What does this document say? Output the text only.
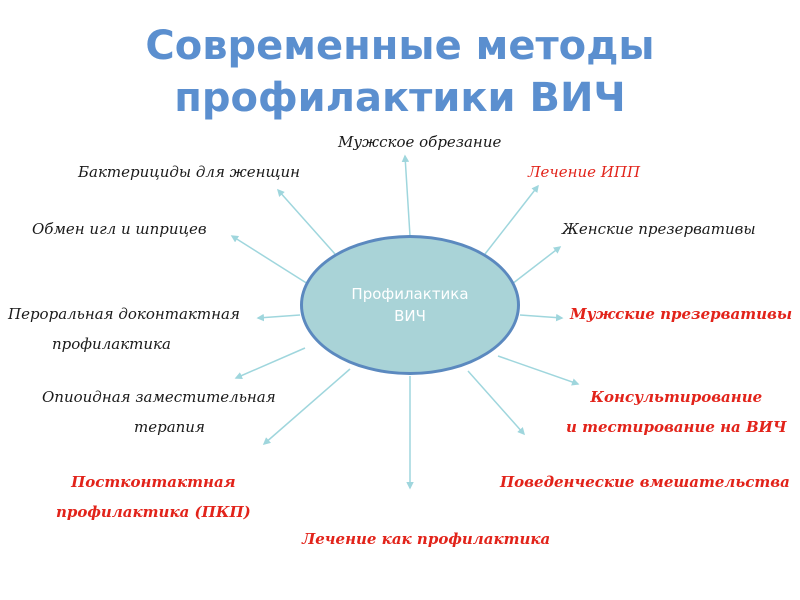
Современные методы
профилактики ВИЧ
Профилактика
ВИЧ
Мужское обрезание
Бактерициды для женщин	Лечение ИПП
Обмен игл и шприцев	Женские презервативы
Пероральная доконтактная
профилактика
Мужские презервативы
Опиоидная заместительная
терапия
Консультирование
и тестирование на ВИЧ
Постконтактная
профилактика (ПКП)
Поведенческие вмешательства
Лечение как профилактика
